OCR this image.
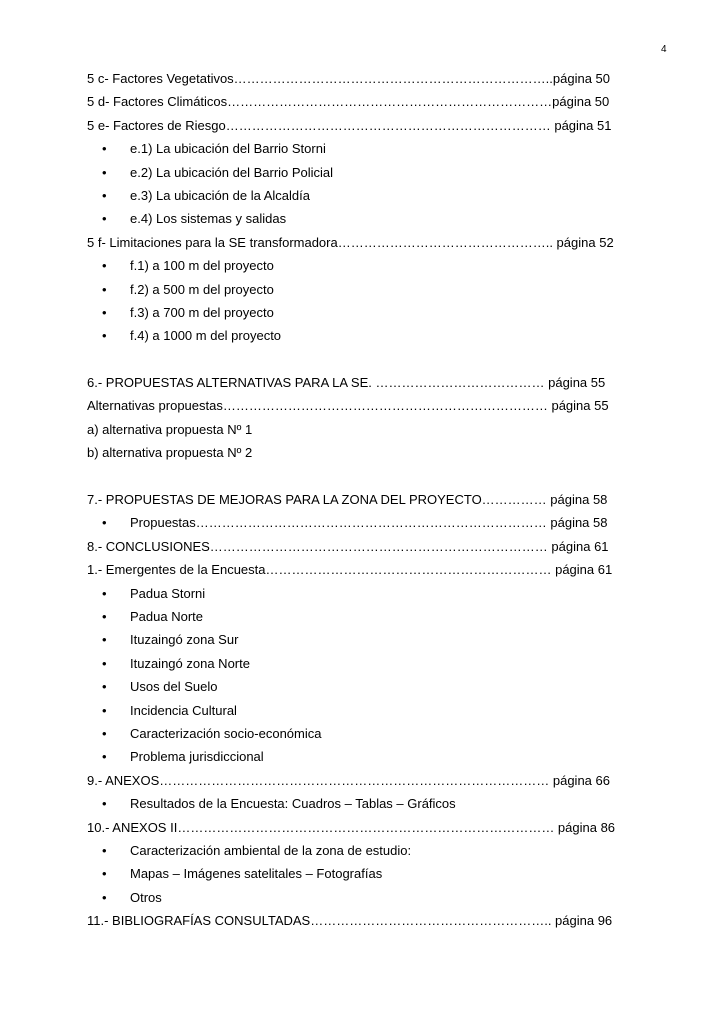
4
5 c- Factores Vegetativos………………………………………………………………..página 50
5 d- Factores Climáticos…………………………………………………………………página 50
5 e- Factores de Riesgo………………………………………………………………… página 51
•e.1) La ubicación del Barrio Storni
•e.2) La ubicación del Barrio Policial
•e.3) La ubicación de la Alcaldía
•e.4) Los sistemas y salidas
5 f- Limitaciones para la SE transformadora………………………………………….. página 52
•f.1) a 100 m del proyecto
•f.2) a 500 m del proyecto
•f.3) a 700 m del proyecto
•f.4) a 1000 m del proyecto
6.- PROPUESTAS ALTERNATIVAS PARA LA SE. ………………………………… página 55
Alternativas propuestas………………………………………………………………… página 55
a) alternativa propuesta Nº 1
b) alternativa propuesta Nº 2
7.- PROPUESTAS DE MEJORAS PARA LA ZONA DEL PROYECTO…………… página 58
•Propuestas……………………………………………………………………… página 58
8.- CONCLUSIONES…………………………………………………………………… página 61
1.- Emergentes de la Encuesta………………………………………………………… página 61
•Padua Storni
•Padua Norte
•Ituzaingó zona Sur
•Ituzaingó zona Norte
•Usos del Suelo
•Incidencia Cultural
•Caracterización socio-económica
•Problema jurisdiccional
9.- ANEXOS……………………………………………………………………………… página 66
•Resultados de la Encuesta: Cuadros – Tablas – Gráficos
10.- ANEXOS II…………………………………………………………………………… página 86
•Caracterización ambiental de la zona de estudio:
•Mapas – Imágenes satelitales – Fotografías
•Otros
11.- BIBLIOGRAFÍAS CONSULTADAS……………………………………………….. página 96
